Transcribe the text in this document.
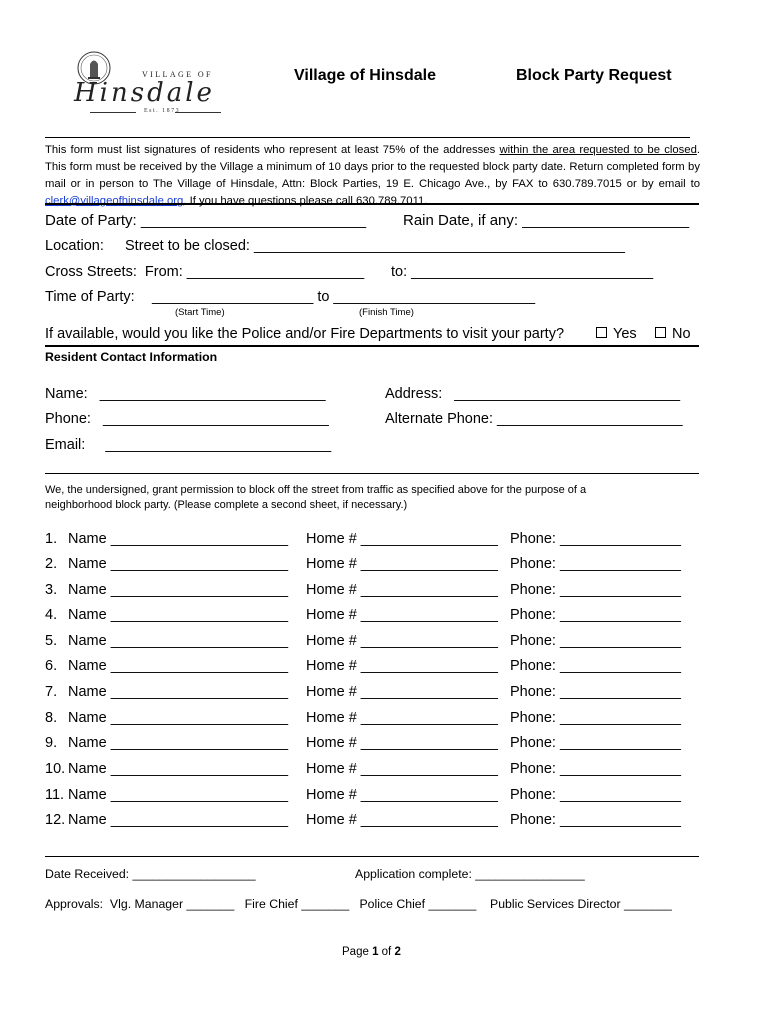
VILLAGE OF
Hinsdale
Est. 1873
Village of Hinsdale	Block Party Request
This form must list signatures of residents who represent at least 75% of the addresses within the area requested to be closed. This form must be received by the Village a minimum of 10 days prior to the requested block party date. Return completed form by mail or in person to The Village of Hinsdale, Attn: Block Parties, 19 E. Chicago Ave., by FAX to 630.789.7015 or by email to clerk@villageofhinsdale.org. If you have questions please call 630.789.7011.
Date of Party: ___________________________ Rain Date, if any: ____________________
Location: Street to be closed: ______________________________________________
Cross Streets:  From: ______________________ to: ______________________________
Time of Party: ____________________ to _________________________
(Start Time)	(Finish Time)
If available, would you like the Police and/or Fire Departments to visit your party?	Yes	No
Resident Contact Information
Name:   ____________________________	Address:   ____________________________
Phone:   ____________________________	Alternate Phone: _______________________
Email:     ____________________________
We, the undersigned, grant permission to block off the street from traffic as specified above for the purpose of a
neighborhood block party. (Please complete a second sheet, if necessary.)
1. Name ______________________ Home # _________________ Phone: _______________
2. Name ______________________ Home # _________________ Phone: _______________
3. Name ______________________ Home # _________________ Phone: _______________
4. Name ______________________ Home # _________________ Phone: _______________
5. Name ______________________ Home # _________________ Phone: _______________
6. Name ______________________ Home # _________________ Phone: _______________
7. Name ______________________ Home # _________________ Phone: _______________
8. Name ______________________ Home # _________________ Phone: _______________
9. Name ______________________ Home # _________________ Phone: _______________
10. Name ______________________ Home # _________________ Phone: _______________
11. Name ______________________ Home # _________________ Phone: _______________
12. Name ______________________ Home # _________________ Phone: _______________
Date Received: __________________	Application complete: ________________
Approvals:  Vlg. Manager _______   Fire Chief _______   Police Chief _______    Public Services Director _______
Page 1 of 2
